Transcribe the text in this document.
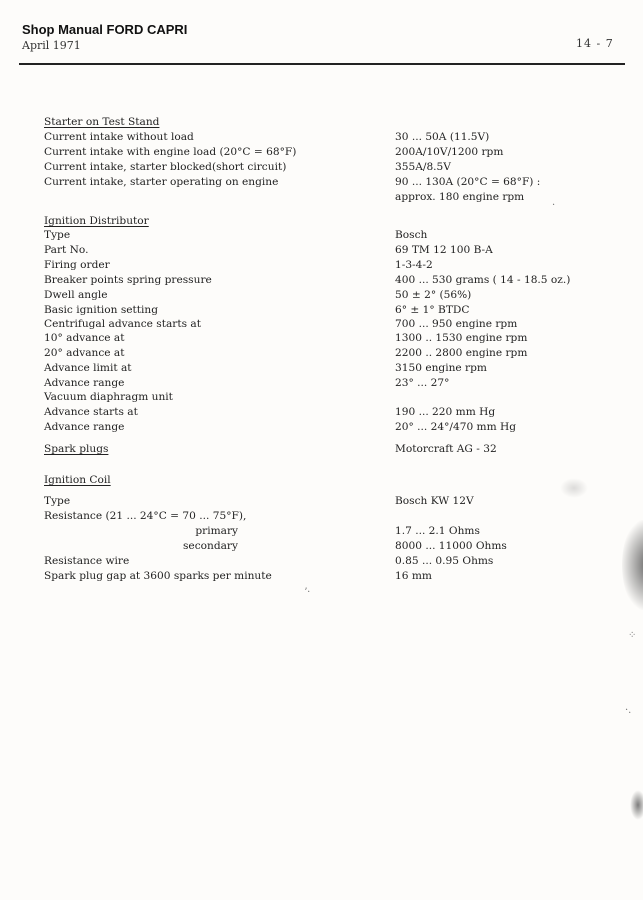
Shop Manual FORD CAPRI
April 1971	14 - 7
Starter on Test Stand
Current intake without load	30 ... 50A (11.5V)
Current intake with engine load (20°C = 68°F)	200A/10V/1200 rpm
Current intake, starter blocked(short circuit)	355A/8.5V
Current intake, starter operating on engine	90 ... 130A (20°C = 68°F) :
approx. 180 engine rpm
Ignition Distributor
Type	Bosch
Part No.	69 TM 12 100 B-A
Firing order	1-3-4-2
Breaker points spring pressure	400 ... 530 grams ( 14 - 18.5 oz.)
Dwell angle	50 ± 2° (56%)
Basic ignition setting	6° ± 1° BTDC
Centrifugal advance starts at	700 ... 950 engine rpm
10° advance at	1300 .. 1530 engine rpm
20° advance at	2200 .. 2800 engine rpm
Advance limit at	3150 engine rpm
Advance range	23° ... 27°
Vacuum diaphragm unit
Advance starts at	190 ... 220 mm Hg
Advance range	20° ... 24°/470 mm Hg
Spark plugs	Motorcraft AG - 32
Ignition Coil
Type	Bosch KW 12V
Resistance (21 ... 24°C = 70 ... 75°F),
primary	1.7 ... 2.1 Ohms
secondary	8000 ... 11000 Ohms
Resistance wire	0.85 ... 0.95 Ohms
Spark plug gap at 3600 sparks per minute	16 mm
ʼ·
⁘
·.
·
